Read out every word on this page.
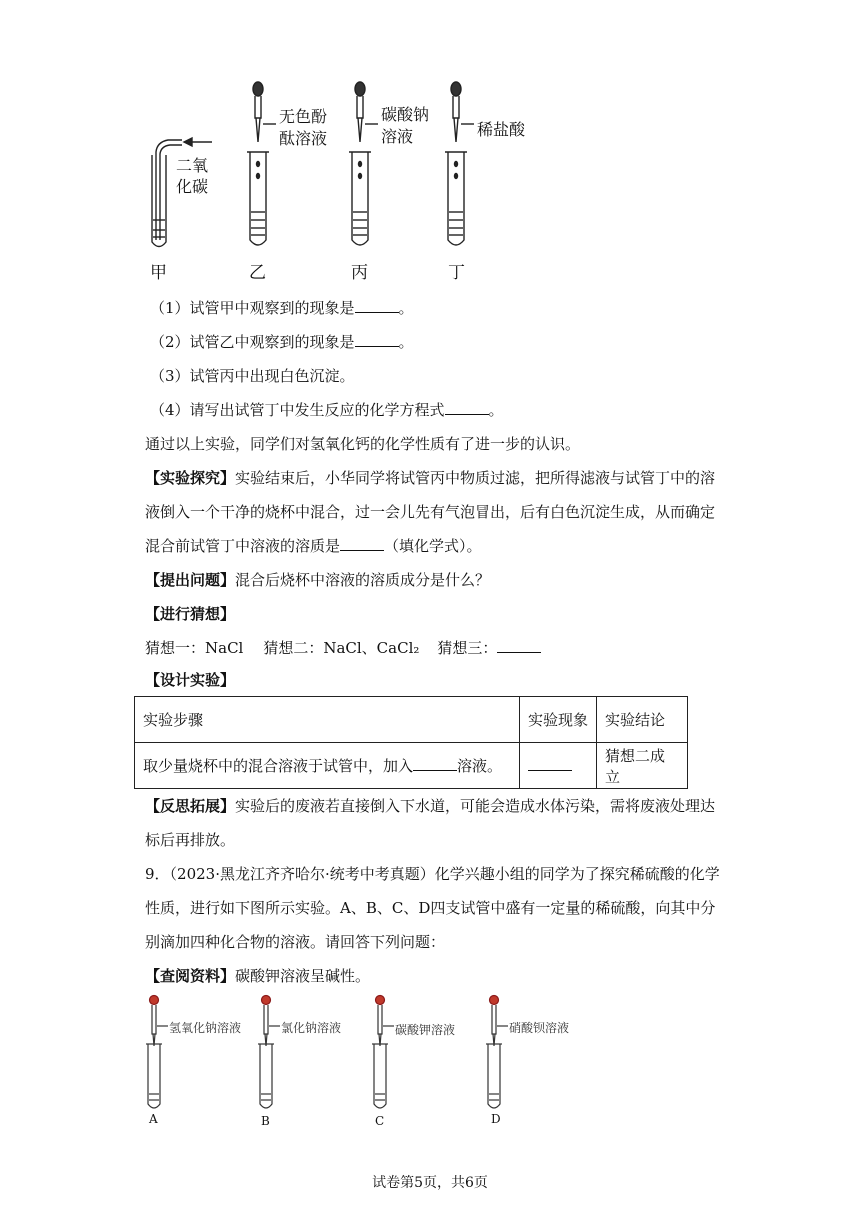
无色酚酞溶液
碳酸钠溶液	稀盐酸
二氧化碳
甲	乙	丙	丁
（1）试管甲中观察到的现象是	。
（2）试管乙中观察到的现象是	。
（3）试管丙中出现白色沉淀。
（4）请写出试管丁中发生反应的化学方程式	。
通过以上实验，同学们对氢氧化钙的化学性质有了进一步的认识。
【实验探究】实验结束后，小华同学将试管丙中物质过滤，把所得滤液与试管丁中的溶
液倒入一个干净的烧杯中混合，过一会儿先有气泡冒出，后有白色沉淀生成，从而确定
混合前试管丁中溶液的溶质是	（填化学式）。
【提出问题】混合后烧杯中溶液的溶质成分是什么？
【进行猜想】
猜想一：NaCl 猜想二：NaCl、CaCl₂ 猜想三：
【设计实验】
实验步骤	实验现象	实验结论
取少量烧杯中的混合溶液于试管中，加入 溶液。		猜想二成立
【反思拓展】实验后的废液若直接倒入下水道，可能会造成水体污染，需将废液处理达
标后再排放。
9．（2023·黑龙江齐齐哈尔·统考中考真题）化学兴趣小组的同学为了探究稀硫酸的化学
性质，进行如下图所示实验。A、B、C、D四支试管中盛有一定量的稀硫酸，向其中分
别滴加四种化合物的溶液。请回答下列问题：
【查阅资料】碳酸钾溶液呈碱性。
氢氧化钠溶液	氯化钠溶液	碳酸钾溶液	硝酸钡溶液
A	B	C	D
试卷第5页，共6页
